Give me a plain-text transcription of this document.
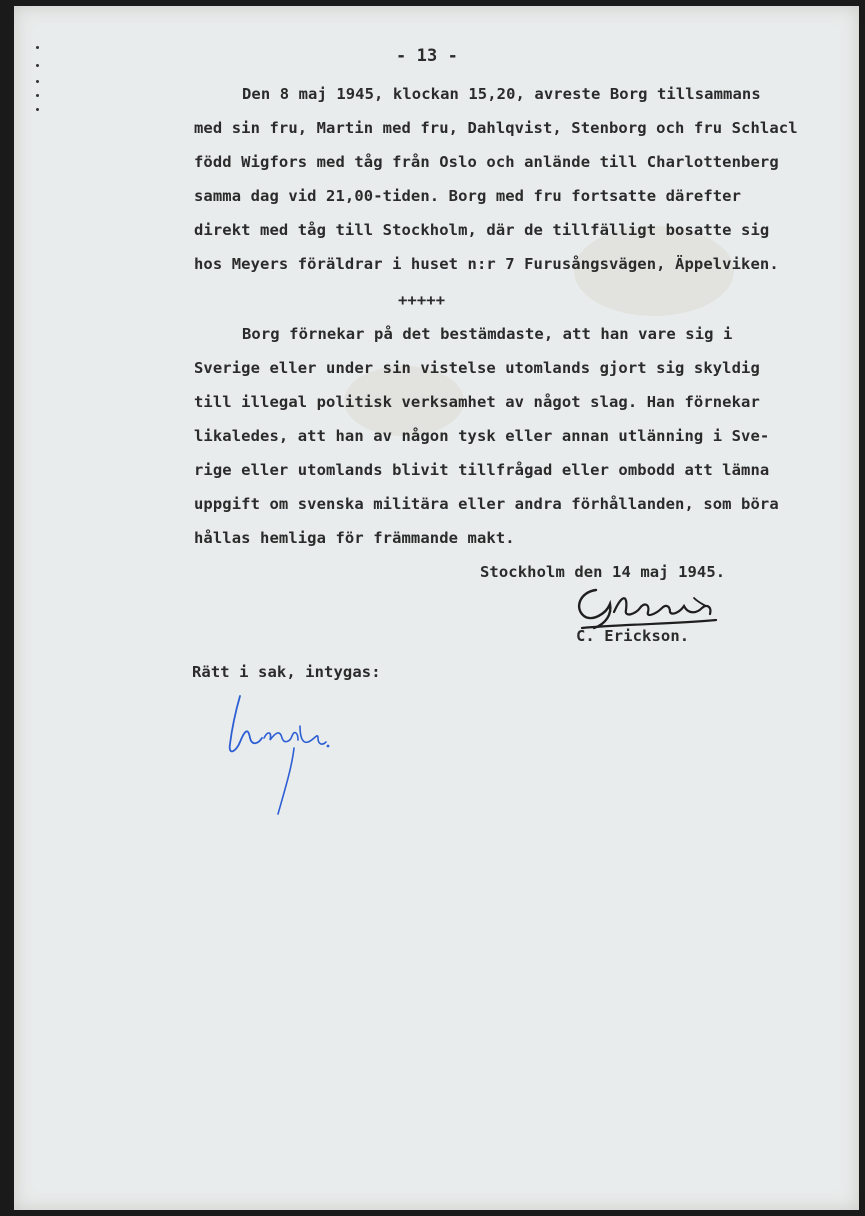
- 13 -

Den 8 maj 1945, klockan 15,20, avreste Borg tillsammans

med sin fru, Martin med fru, Dahlqvist, Stenborg och fru Schlacl

född Wigfors med tåg från Oslo och anlände till Charlottenberg

samma dag vid 21,00-tiden. Borg med fru fortsatte därefter

direkt med tåg till Stockholm, där de tillfälligt bosatte sig

hos Meyers föräldrar i huset n:r 7 Furusångsvägen, Äppelviken.

+++++

Borg förnekar på det bestämdaste, att han vare sig i

Sverige eller under sin vistelse utomlands gjort sig skyldig

till illegal politisk verksamhet av något slag. Han förnekar

likaledes, att han av någon tysk eller annan utlänning i Sve-

rige eller utomlands blivit tillfrågad eller ombodd att lämna

uppgift om svenska militära eller andra förhållanden, som böra

hållas hemliga för främmande makt.

Stockholm den 14 maj 1945.

C. Erickson.

Rätt i sak, intygas:
